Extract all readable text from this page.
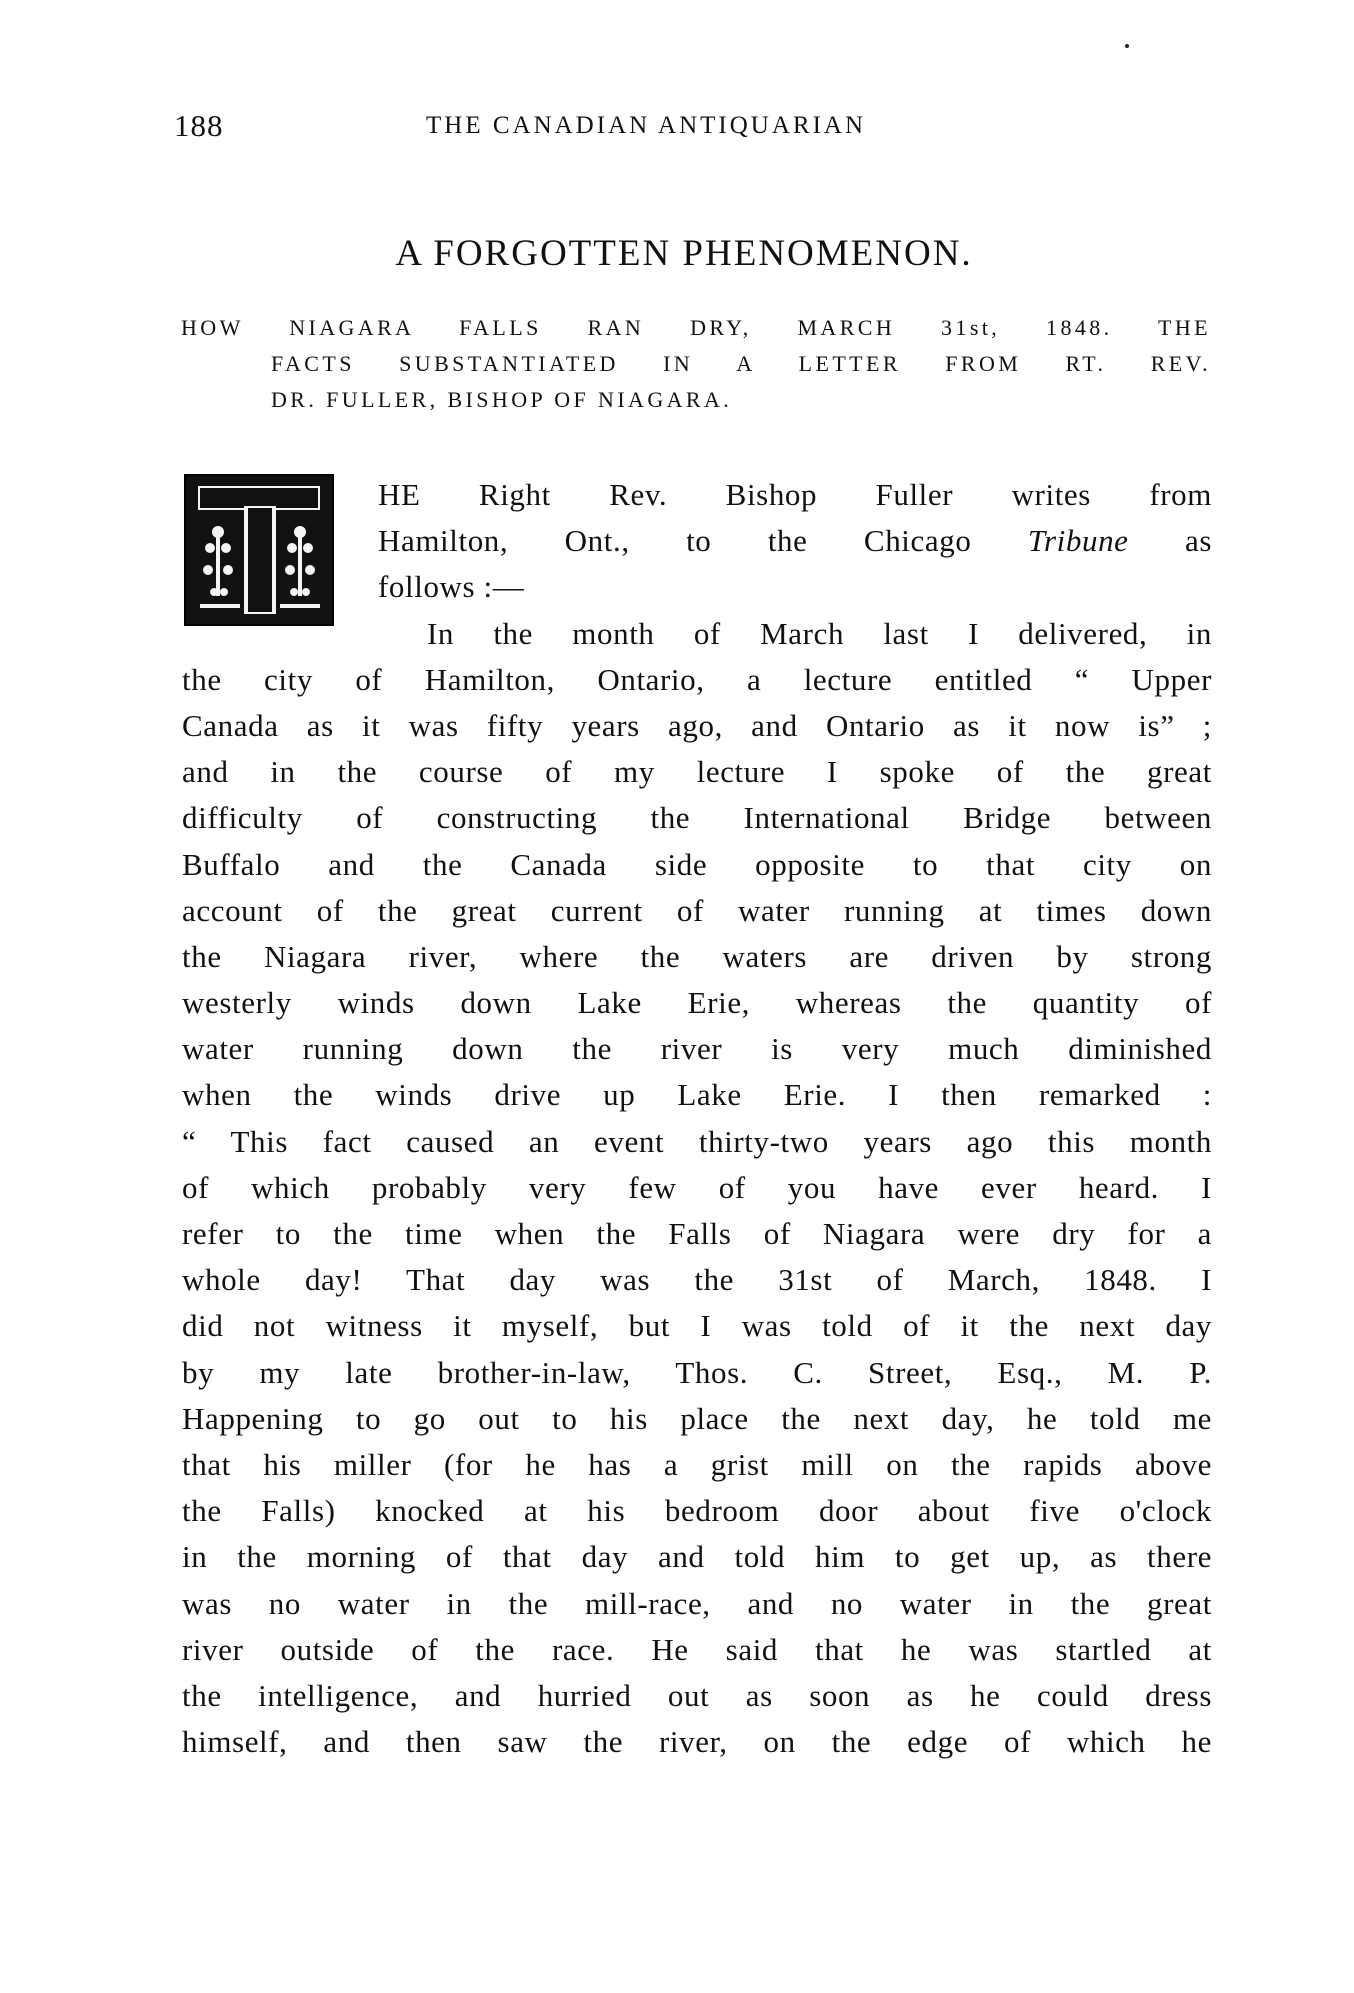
188	THE CANADIAN ANTIQUARIAN
A FORGOTTEN PHENOMENON.
HOW NIAGARA FALLS RAN DRY, MARCH 31st, 1848. THE
FACTS SUBSTANTIATED IN A LETTER FROM RT. REV.
DR. FULLER, BISHOP OF NIAGARA.
HE Right Rev. Bishop Fuller writes from
Hamilton, Ont., to the Chicago Tribune as
follows :—
In the month of March last I delivered, in
the city of Hamilton, Ontario, a lecture entitled “ Upper
Canada as it was fifty years ago, and Ontario as it now is” ;
and in the course of my lecture I spoke of the great
difficulty of constructing the International Bridge between
Buffalo and the Canada side opposite to that city on
account of the great current of water running at times down
the Niagara river, where the waters are driven by strong
westerly winds down Lake Erie, whereas the quantity of
water running down the river is very much diminished
when the winds drive up Lake Erie. I then remarked :
“ This fact caused an event thirty-two years ago this month
of which probably very few of you have ever heard. I
refer to the time when the Falls of Niagara were dry for a
whole day! That day was the 31st of March, 1848. I
did not witness it myself, but I was told of it the next day
by my late brother-in-law, Thos. C. Street, Esq., M. P.
Happening to go out to his place the next day, he told me
that his miller (for he has a grist mill on the rapids above
the Falls) knocked at his bedroom door about five o'clock
in the morning of that day and told him to get up, as there
was no water in the mill-race, and no water in the great
river outside of the race. He said that he was startled at
the intelligence, and hurried out as soon as he could dress
himself, and then saw the river, on the edge of which he
